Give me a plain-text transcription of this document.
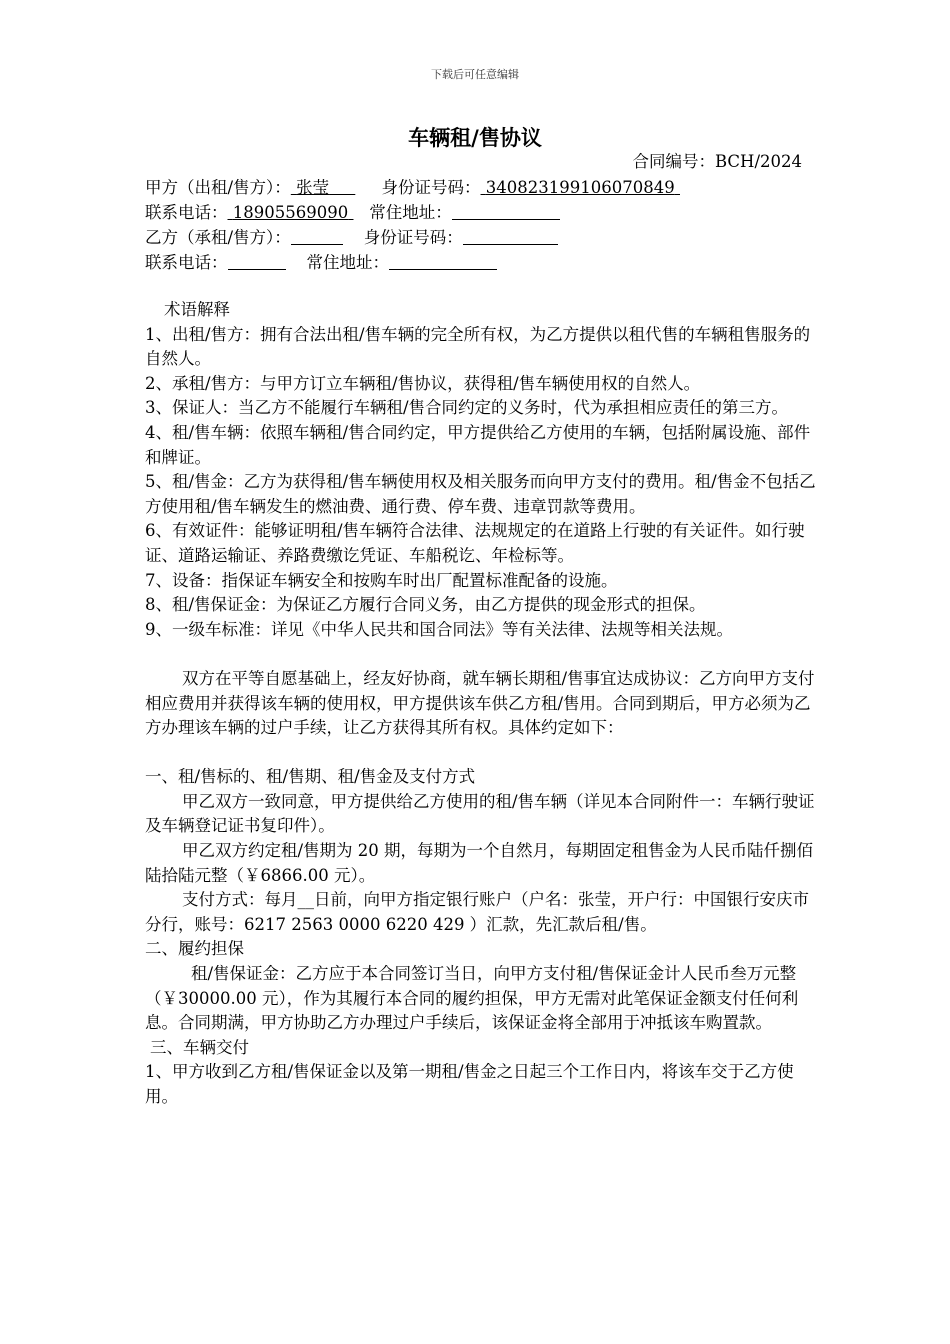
下载后可任意编辑
车辆租/售协议
合同编号：BCH/2024
甲方（出租/售方）： 张莹	身份证号码： 340823199106070849
联系电话： 18905569090 常住地址：
乙方（承租/售方）：	身份证号码：
联系电话：	常住地址：

术语解释

1、出租/售方：拥有合法出租/售车辆的完全所有权，为乙方提供以租代售的车辆租售服务的自然人。

2、承租/售方：与甲方订立车辆租/售协议，获得租/售车辆使用权的自然人。

3、保证人：当乙方不能履行车辆租/售合同约定的义务时，代为承担相应责任的第三方。

4、租/售车辆：依照车辆租/售合同约定，甲方提供给乙方使用的车辆，包括附属设施、部件和牌证。

5、租/售金：乙方为获得租/售车辆使用权及相关服务而向甲方支付的费用。租/售金不包括乙方使用租/售车辆发生的燃油费、通行费、停车费、违章罚款等费用。

6、有效证件：能够证明租/售车辆符合法律、法规规定的在道路上行驶的有关证件。如行驶证、道路运输证、养路费缴讫凭证、车船税讫、年检标等。

7、设备：指保证车辆安全和按购车时出厂配置标准配备的设施。

8、租/售保证金：为保证乙方履行合同义务，由乙方提供的现金形式的担保。

9、一级车标准：详见《中华人民共和国合同法》等有关法律、法规等相关法规。

双方在平等自愿基础上，经友好协商，就车辆长期租/售事宜达成协议：乙方向甲方支付相应费用并获得该车辆的使用权，甲方提供该车供乙方租/售用。合同到期后，甲方必须为乙方办理该车辆的过户手续，让乙方获得其所有权。具体约定如下：

一、租/售标的、租/售期、租/售金及支付方式

甲乙双方一致同意，甲方提供给乙方使用的租/售车辆（详见本合同附件一：车辆行驶证及车辆登记证书复印件）。

甲乙双方约定租/售期为 20 期，每期为一个自然月，每期固定租售金为人民币陆仟捌佰陆拾陆元整（￥6866.00 元）。

支付方式：每月__日前，向甲方指定银行账户（户名：张莹，开户行：中国银行安庆市分行，账号：6217 2563 0000 6220 429 ）汇款，先汇款后租/售。

二、履约担保

租/售保证金：乙方应于本合同签订当日，向甲方支付租/售保证金计人民币叁万元整（￥30000.00 元），作为其履行本合同的履约担保，甲方无需对此笔保证金额支付任何利息。合同期满，甲方协助乙方办理过户手续后，该保证金将全部用于冲抵该车购置款。

三、车辆交付

1、甲方收到乙方租/售保证金以及第一期租/售金之日起三个工作日内，将该车交于乙方使用。
